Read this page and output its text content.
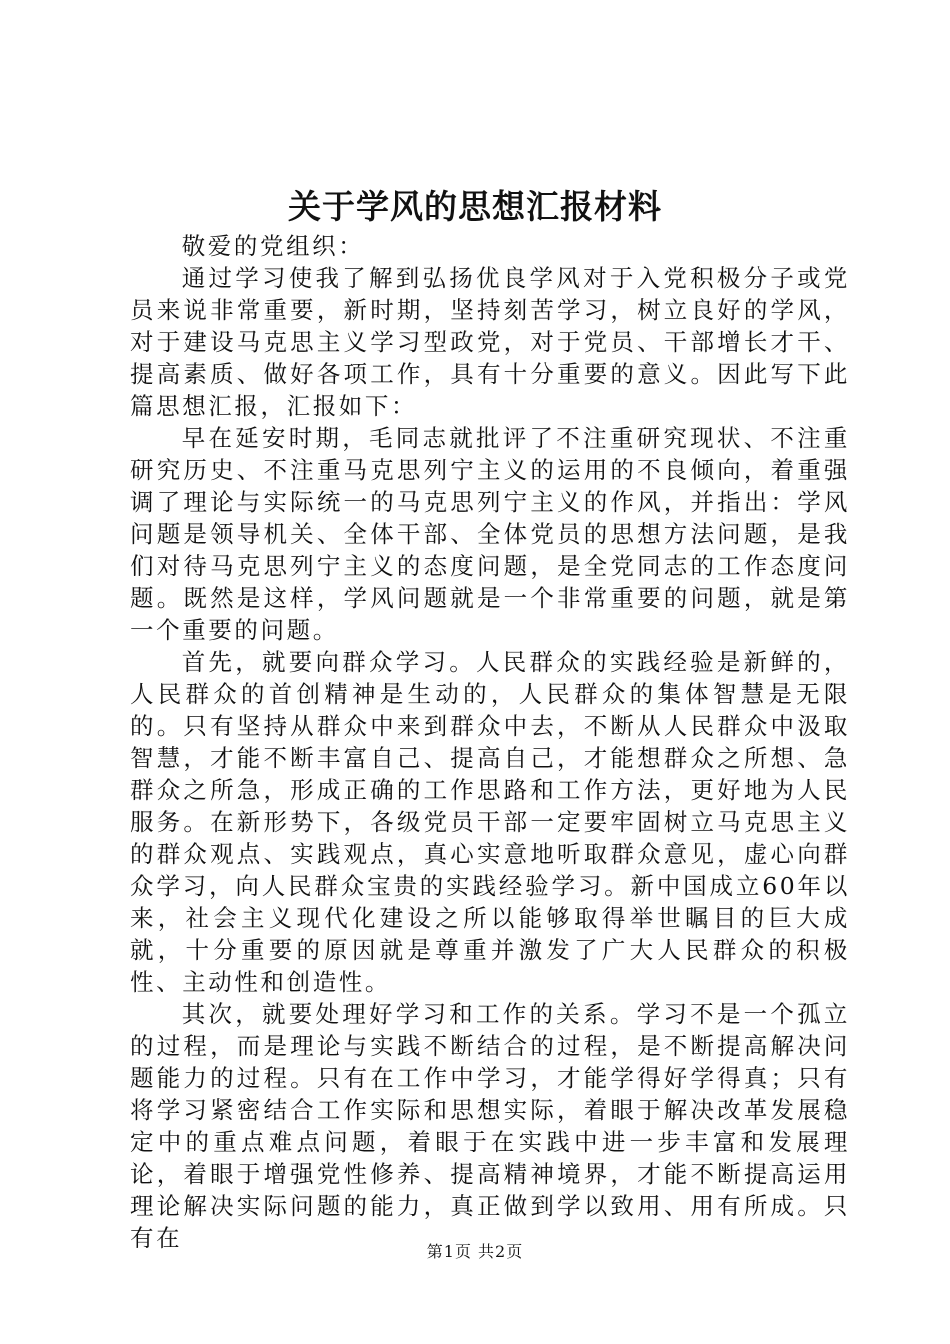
关于学风的思想汇报材料

敬爱的党组织：

通过学习使我了解到弘扬优良学风对于入党积极分子或党员来说非常重要，新时期，坚持刻苦学习，树立良好的学风，对于建设马克思主义学习型政党，对于党员、干部增长才干、提高素质、做好各项工作，具有十分重要的意义。因此写下此篇思想汇报，汇报如下：

早在延安时期，毛同志就批评了不注重研究现状、不注重研究历史、不注重马克思列宁主义的运用的不良倾向，着重强调了理论与实际统一的马克思列宁主义的作风，并指出：学风问题是领导机关、全体干部、全体党员的思想方法问题，是我们对待马克思列宁主义的态度问题，是全党同志的工作态度问题。既然是这样，学风问题就是一个非常重要的问题，就是第一个重要的问题。

首先，就要向群众学习。人民群众的实践经验是新鲜的，人民群众的首创精神是生动的，人民群众的集体智慧是无限的。只有坚持从群众中来到群众中去，不断从人民群众中汲取智慧，才能不断丰富自己、提高自己，才能想群众之所想、急群众之所急，形成正确的工作思路和工作方法，更好地为人民服务。在新形势下，各级党员干部一定要牢固树立马克思主义的群众观点、实践观点，真心实意地听取群众意见，虚心向群众学习，向人民群众宝贵的实践经验学习。新中国成立60年以来，社会主义现代化建设之所以能够取得举世瞩目的巨大成就，十分重要的原因就是尊重并激发了广大人民群众的积极性、主动性和创造性。

其次，就要处理好学习和工作的关系。学习不是一个孤立的过程，而是理论与实践不断结合的过程，是不断提高解决问题能力的过程。只有在工作中学习，才能学得好学得真；只有将学习紧密结合工作实际和思想实际，着眼于解决改革发展稳定中的重点难点问题，着眼于在实践中进一步丰富和发展理论，着眼于增强党性修养、提高精神境界，才能不断提高运用理论解决实际问题的能力，真正做到学以致用、用有所成。只有在	第1页 共2页
